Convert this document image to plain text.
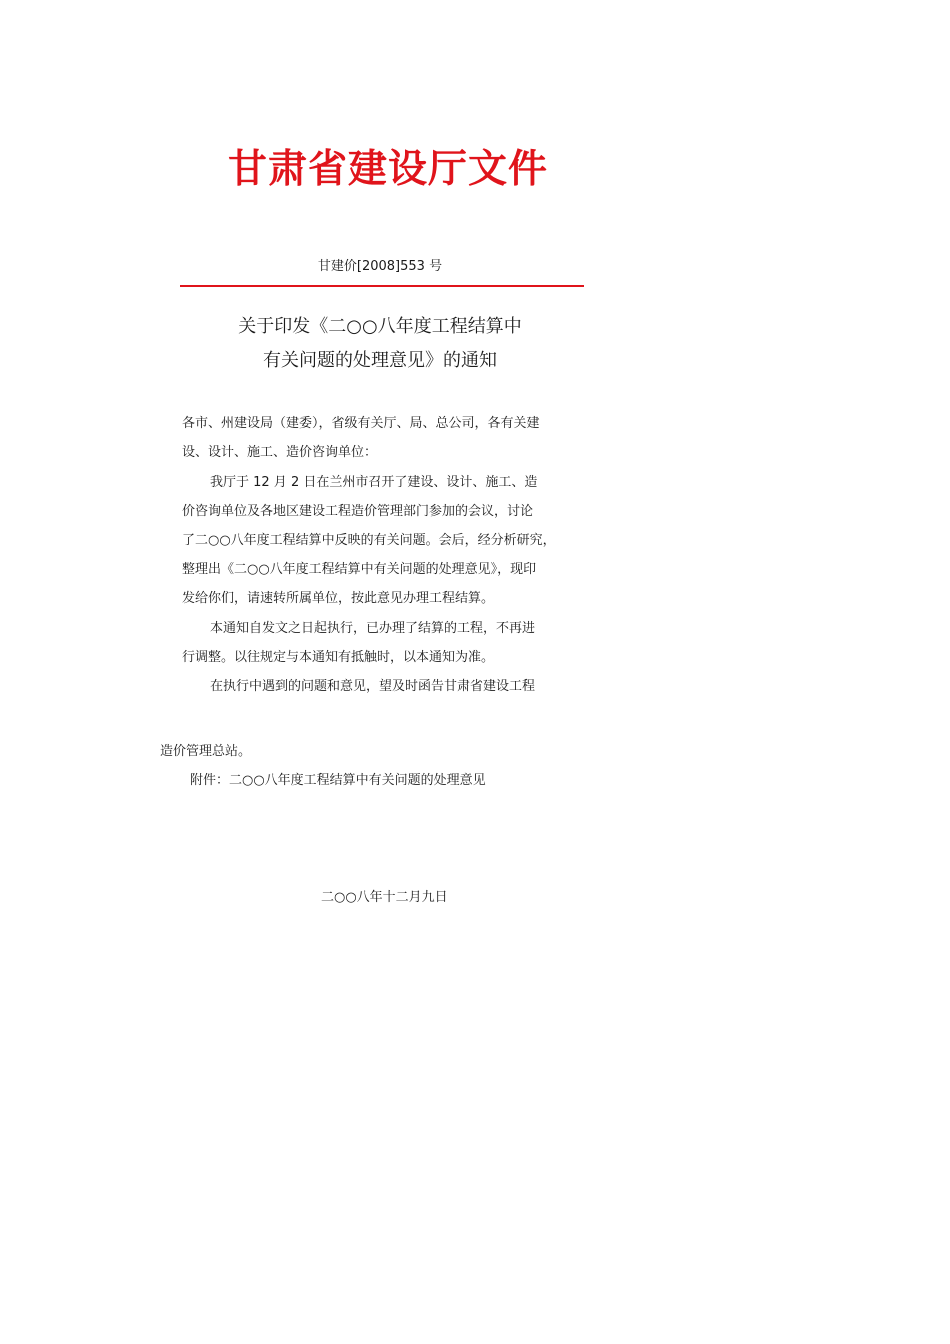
甘肃省建设厅文件
甘建价[2008]553 号
关于印发《二○○八年度工程结算中
有关问题的处理意见》的通知
各市、州建设局（建委），省级有关厅、局、总公司，各有关建
设、设计、施工、造价咨询单位：
我厅于 12 月 2 日在兰州市召开了建设、设计、施工、造
价咨询单位及各地区建设工程造价管理部门参加的会议，讨论
了二○○八年度工程结算中反映的有关问题。会后，经分析研究，
整理出《二○○八年度工程结算中有关问题的处理意见》，现印
发给你们，请速转所属单位，按此意见办理工程结算。
本通知自发文之日起执行，已办理了结算的工程，不再进
行调整。以往规定与本通知有抵触时，以本通知为准。
在执行中遇到的问题和意见，望及时函告甘肃省建设工程
造价管理总站。
附件：二○○八年度工程结算中有关问题的处理意见
二○○八年十二月九日
